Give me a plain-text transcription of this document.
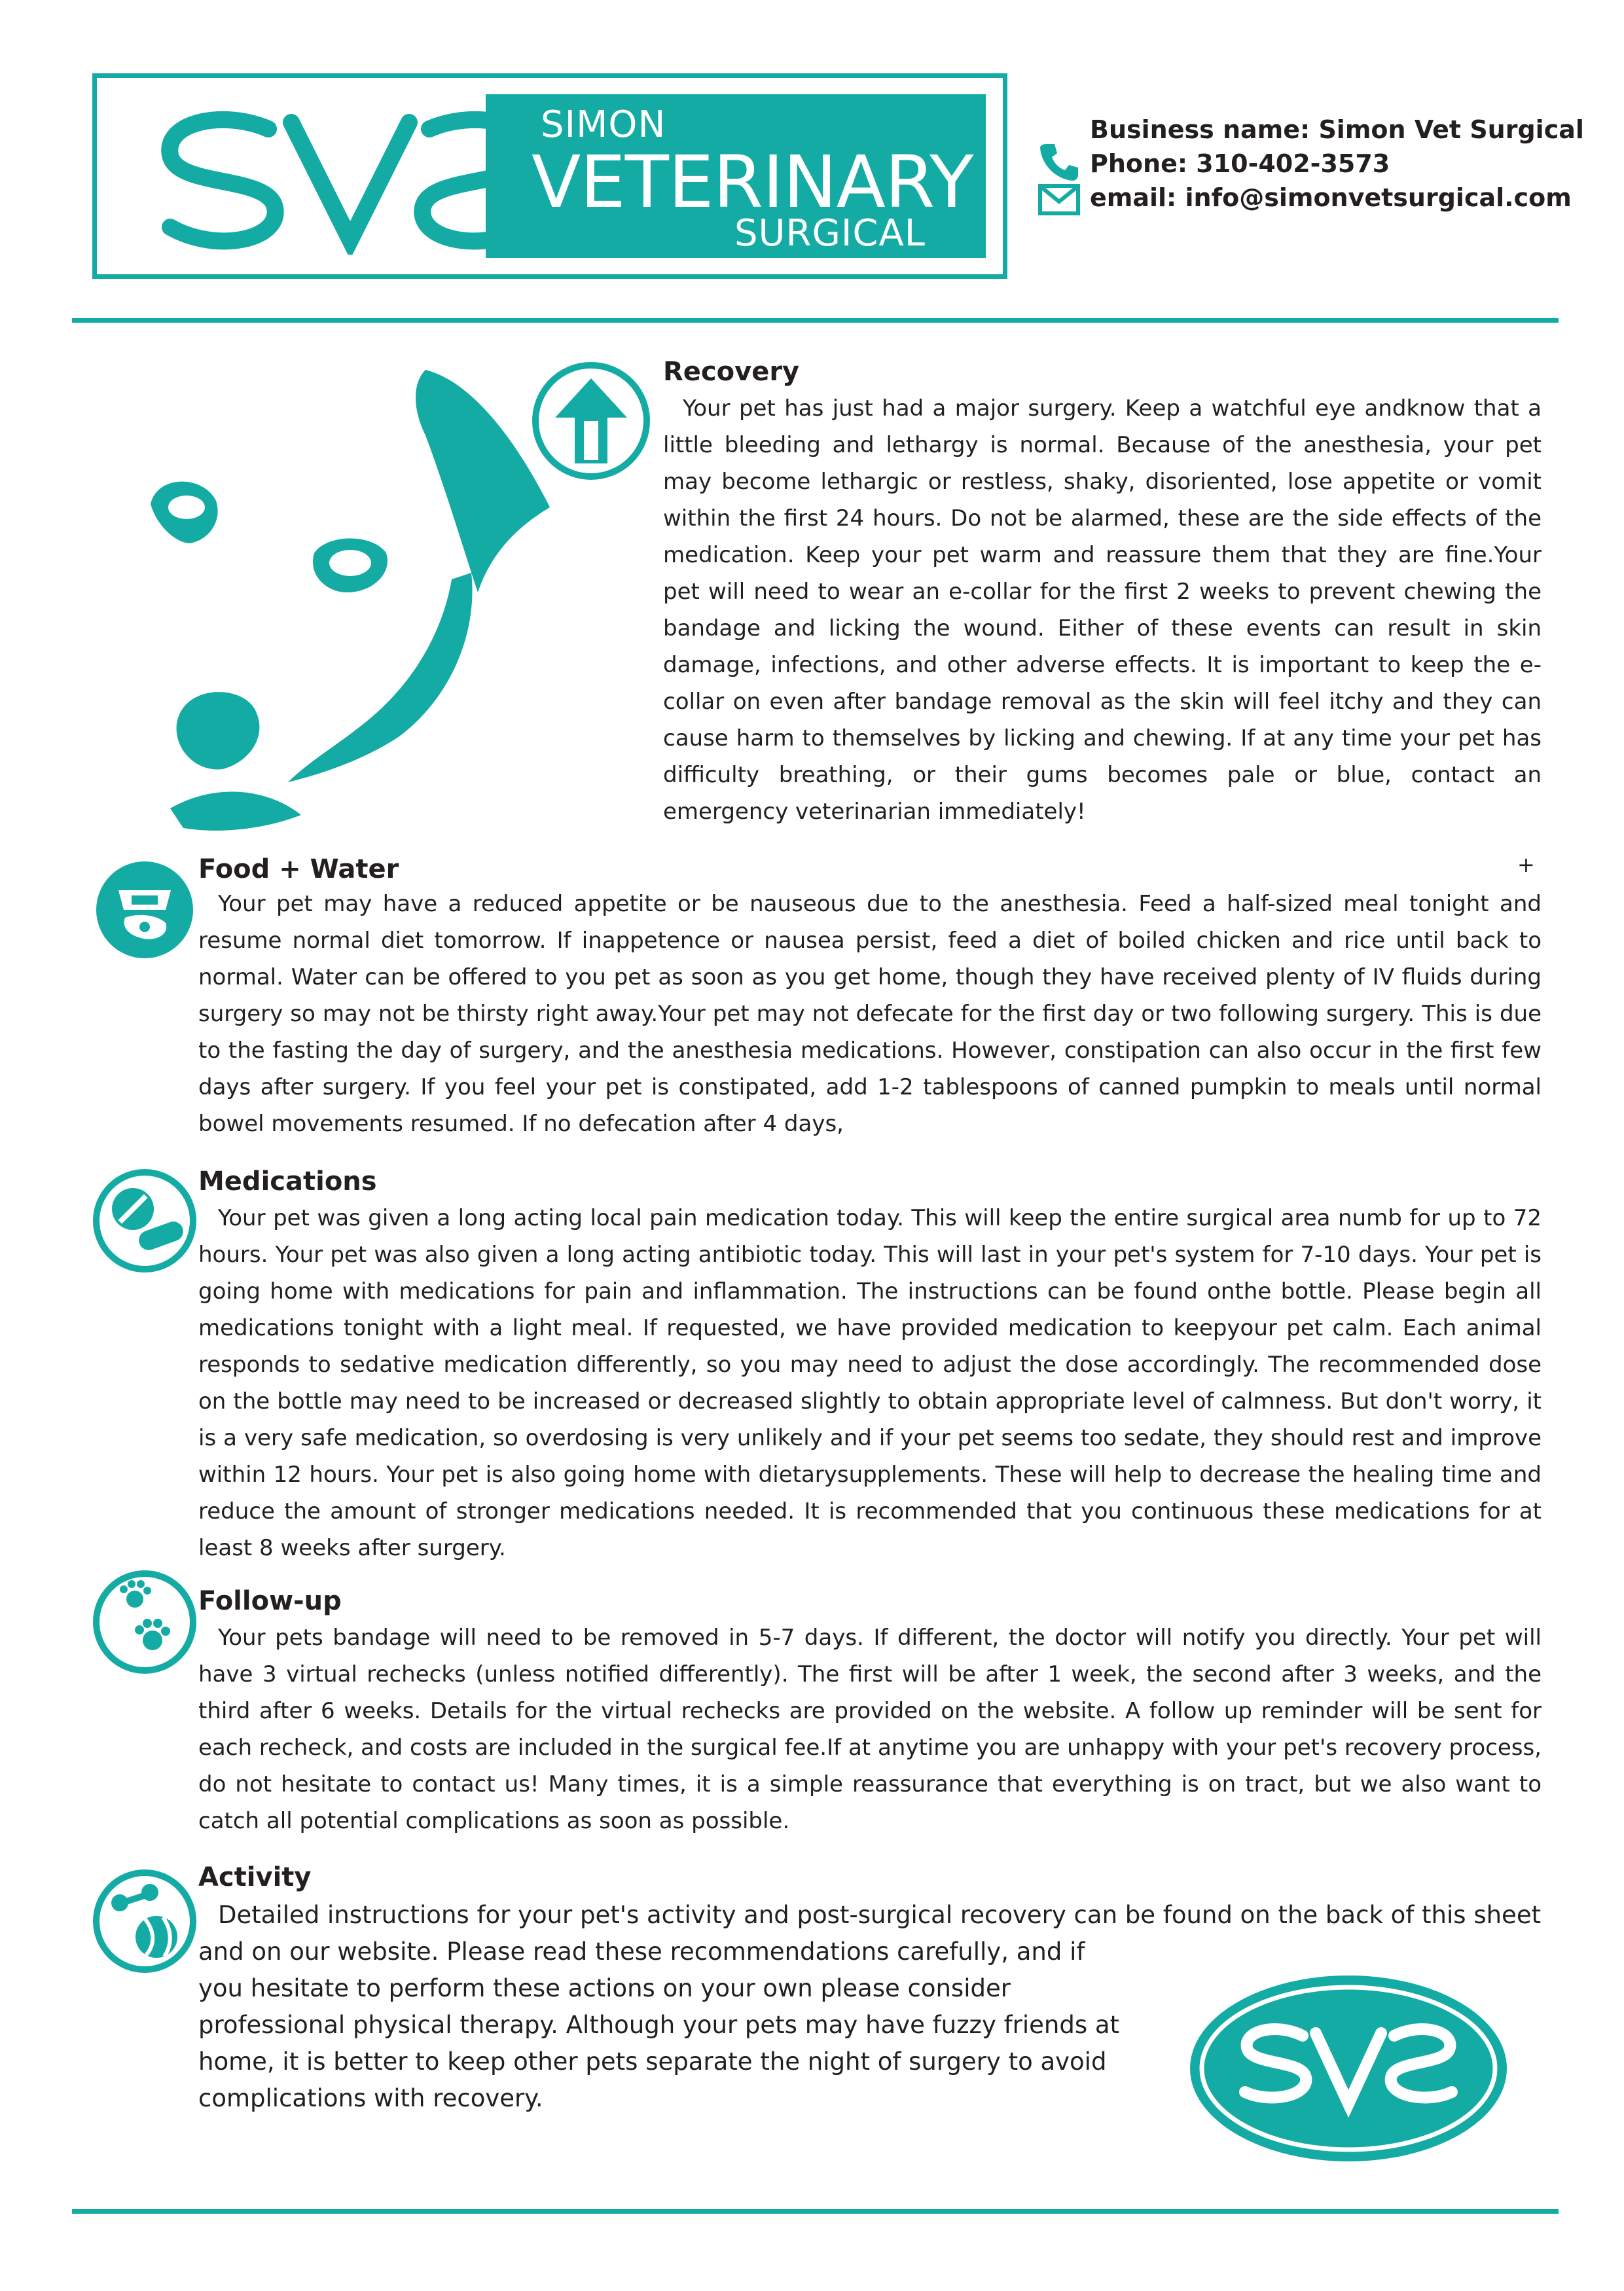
SIMON
VETERINARY
SURGICAL
Business name: Simon Vet Surgical
Phone: 310-402-3573
email: info@simonvetsurgical.com
Recovery
Your pet has just had a major surgery. Keep a watchful eye andknow that a little bleeding and lethargy is normal. Because of the anesthesia, your pet may become lethargic or restless, shaky, disoriented, lose appetite or vomit within the first 24 hours. Do not be alarmed, these are the side effects of the medication. Keep your pet warm and reassure them that they are fine.Your pet will need to wear an e-collar for the first 2 weeks to prevent chewing the bandage and licking the wound. Either of these events can result in skin damage, infections, and other adverse effects. It is important to keep the e-collar on even after bandage removal as the skin will feel itchy and they can cause harm to themselves by licking and chewing. If at any time your pet has difficulty breathing, or their gums becomes pale or blue, contact an emergency veterinarian immediately!
Food + Water	+
Your pet may have a reduced appetite or be nauseous due to the anesthesia. Feed a half-sized meal tonight and resume normal diet tomorrow. If inappetence or nausea persist, feed a diet of boiled chicken and rice until back to normal. Water can be offered to you pet as soon as you get home, though they have received plenty of IV fluids during surgery so may not be thirsty right away.Your pet may not defecate for the first day or two following surgery. This is due to the fasting the day of surgery, and the anesthesia medications. However, constipation can also occur in the first few days after surgery. If you feel your pet is constipated, add 1-2 tablespoons of canned pumpkin to meals until normal bowel movements resumed. If no defecation after 4 days,
Medications
Your pet was given a long acting local pain medication today. This will keep the entire surgical area numb for up to 72 hours. Your pet was also given a long acting antibiotic today. This will last in your pet's system for 7-10 days. Your pet is going home with medications for pain and inflammation. The instructions can be found onthe bottle. Please begin all medications tonight with a light meal. If requested, we have provided medication to keepyour pet calm. Each animal responds to sedative medication differently, so you may need to adjust the dose accordingly. The recommended dose on the bottle may need to be increased or decreased slightly to obtain appropriate level of calmness. But don't worry, it is a very safe medication, so overdosing is very unlikely and if your pet seems too sedate, they should rest and improve within 12 hours. Your pet is also going home with dietarysupplements. These will help to decrease the healing time and reduce the amount of stronger medications needed. It is recommended that you continuous these medications for at least 8 weeks after surgery.
Follow-up
Your pets bandage will need to be removed in 5-7 days. If different, the doctor will notify you directly. Your pet will have 3 virtual rechecks (unless notified differently). The first will be after 1 week, the second after 3 weeks, and the third after 6 weeks. Details for the virtual rechecks are provided on the website. A follow up reminder will be sent for each recheck, and costs are included in the surgical fee.If at anytime you are unhappy with your pet's recovery process, do not hesitate to contact us! Many times, it is a simple reassurance that everything is on tract, but we also want to catch all potential complications as soon as possible.
Activity
Detailed instructions for your pet's activity and post-surgical recovery can be found on the back of this sheet
and on our website. Please read these recommendations carefully, and if you hesitate to perform these actions on your own please consider professional physical therapy. Although your pets may have fuzzy friends at home, it is better to keep other pets separate the night of surgery to avoid complications with recovery.
